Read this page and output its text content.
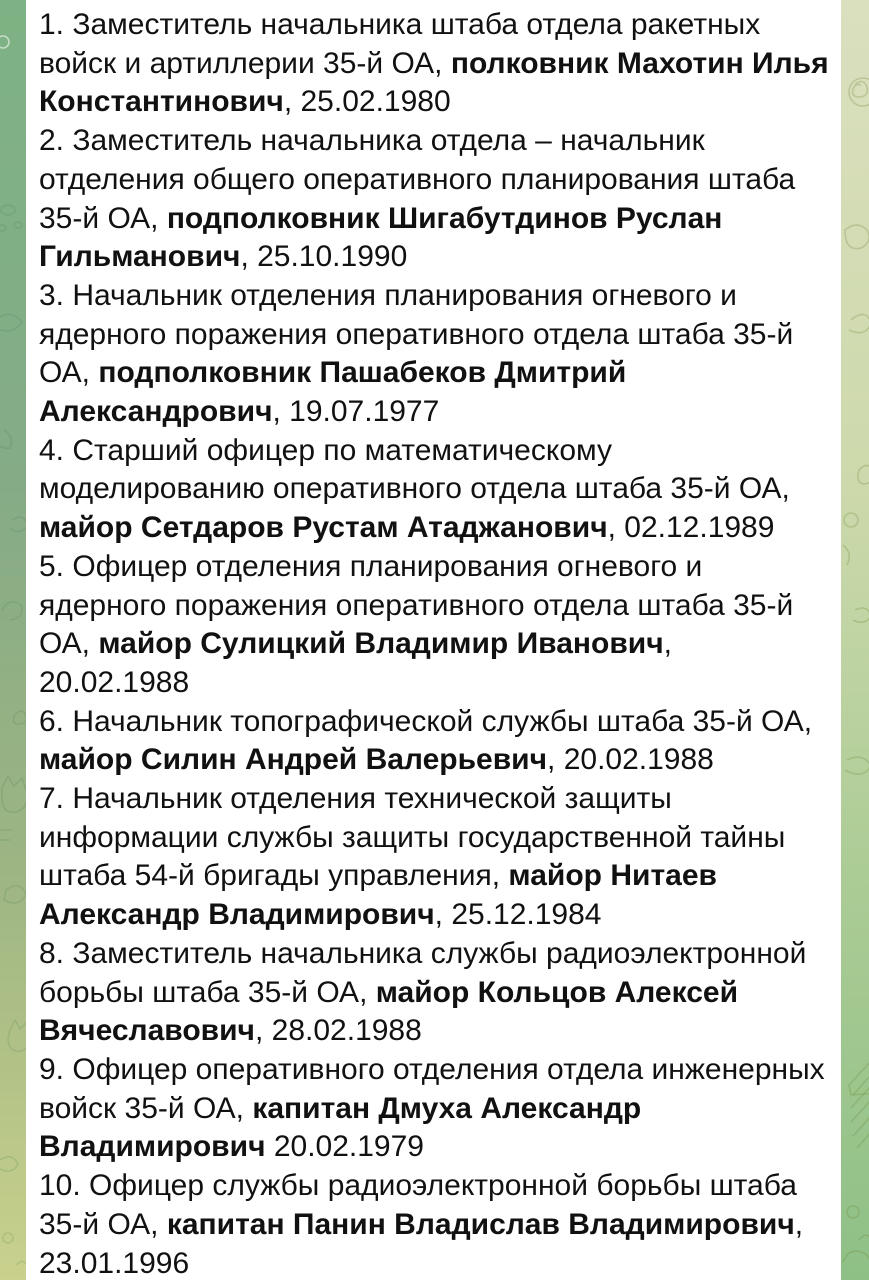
1. Заместитель начальника штаба отдела ракетных войск и артиллерии 35-й ОА, полковник Махотин Илья Константинович, 25.02.1980
2. Заместитель начальника отдела – начальник отделения общего оперативного планирования штаба 35-й ОА, подполковник Шигабутдинов Руслан Гильманович, 25.10.1990
3. Начальник отделения планирования огневого и ядерного поражения оперативного отдела штаба 35-й ОА, подполковник Пашабеков Дмитрий Александрович, 19.07.1977
4. Старший офицер по математическому моделированию оперативного отдела штаба 35-й ОА, майор Сетдаров Рустам Атаджанович, 02.12.1989
5. Офицер отделения планирования огневого и ядерного поражения оперативного отдела штаба 35-й ОА, майор Сулицкий Владимир Иванович, 20.02.1988
6. Начальник топографической службы штаба 35-й ОА, майор Силин Андрей Валерьевич, 20.02.1988
7. Начальник отделения технической защиты информации службы защиты государственной тайны штаба 54-й бригады управления, майор Нитаев Александр Владимирович, 25.12.1984
8. Заместитель начальника службы радиоэлектронной борьбы штаба 35-й ОА, майор Кольцов Алексей Вячеславович, 28.02.1988
9. Офицер оперативного отделения отдела инженерных войск 35-й ОА, капитан Дмуха Александр Владимирович 20.02.1979
10. Офицер службы радиоэлектронной борьбы штаба 35-й ОА, капитан Панин Владислав Владимирович, 23.01.1996
